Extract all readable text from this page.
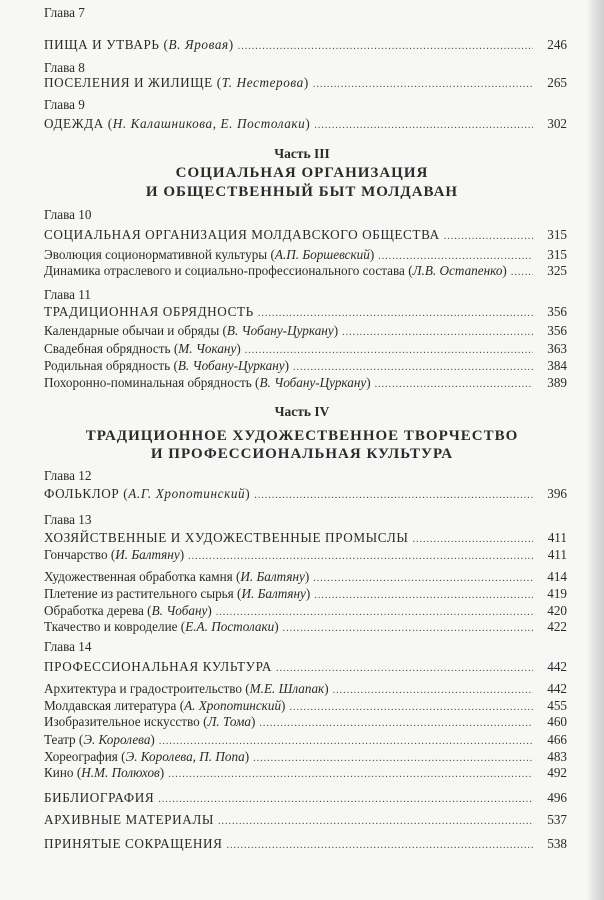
Глава 7
ПИЩА И УТВАРЬ (В. Яровая) .....	246
Глава 8
ПОСЕЛЕНИЯ И ЖИЛИЩЕ (Т. Нестерова) .....	265
Глава 9
ОДЕЖДА (Н. Калашникова, Е. Постолаки) .....	302
Часть III
СОЦИАЛЬНАЯ ОРГАНИЗАЦИЯ
И ОБЩЕСТВЕННЫЙ БЫТ МОЛДАВАН
Глава 10
СОЦИАЛЬНАЯ ОРГАНИЗАЦИЯ МОЛДАВСКОГО ОБЩЕСТВА .....	315
Эволюция соционормативной культуры (А.П. Боршевский) .....	315
Динамика отраслевого и социально-профессионального состава (Л.В. Остапенко) .....	325
Глава 11
ТРАДИЦИОННАЯ ОБРЯДНОСТЬ .....	356
Календарные обычаи и обряды (В. Чобану-Цуркану) .....	356
Свадебная обрядность (М. Чокану) .....	363
Родильная обрядность (В. Чобану-Цуркану) .....	384
Похоронно-поминальная обрядность (В. Чобану-Цуркану) .....	389
Часть IV
ТРАДИЦИОННОЕ ХУДОЖЕСТВЕННОЕ ТВОРЧЕСТВО
И ПРОФЕССИОНАЛЬНАЯ КУЛЬТУРА
Глава 12
ФОЛЬКЛОР (А.Г. Хропотинский) .....	396
Глава 13
ХОЗЯЙСТВЕННЫЕ И ХУДОЖЕСТВЕННЫЕ ПРОМЫСЛЫ .....	411
Гончарство (И. Балтяну) .....	411
Художественная обработка камня (И. Балтяну) .....	414
Плетение из растительного сырья (И. Балтяну) .....	419
Обработка дерева (В. Чобану) .....	420
Ткачество и ковроделие (Е.А. Постолаки) .....	422
Глава 14
ПРОФЕССИОНАЛЬНАЯ КУЛЬТУРА .....	442
Архитектура и градостроительство (М.Е. Шлапак) .....	442
Молдавская литература (А. Хропотинский) .....	455
Изобразительное искусство (Л. Тома) .....	460
Театр (Э. Королева) .....	466
Хореография (Э. Королева, П. Попа) .....	483
Кино (Н.М. Полюхов) .....	492
БИБЛИОГРАФИЯ .....	496
АРХИВНЫЕ МАТЕРИАЛЫ .....	537
ПРИНЯТЫЕ СОКРАЩЕНИЯ .....	538
